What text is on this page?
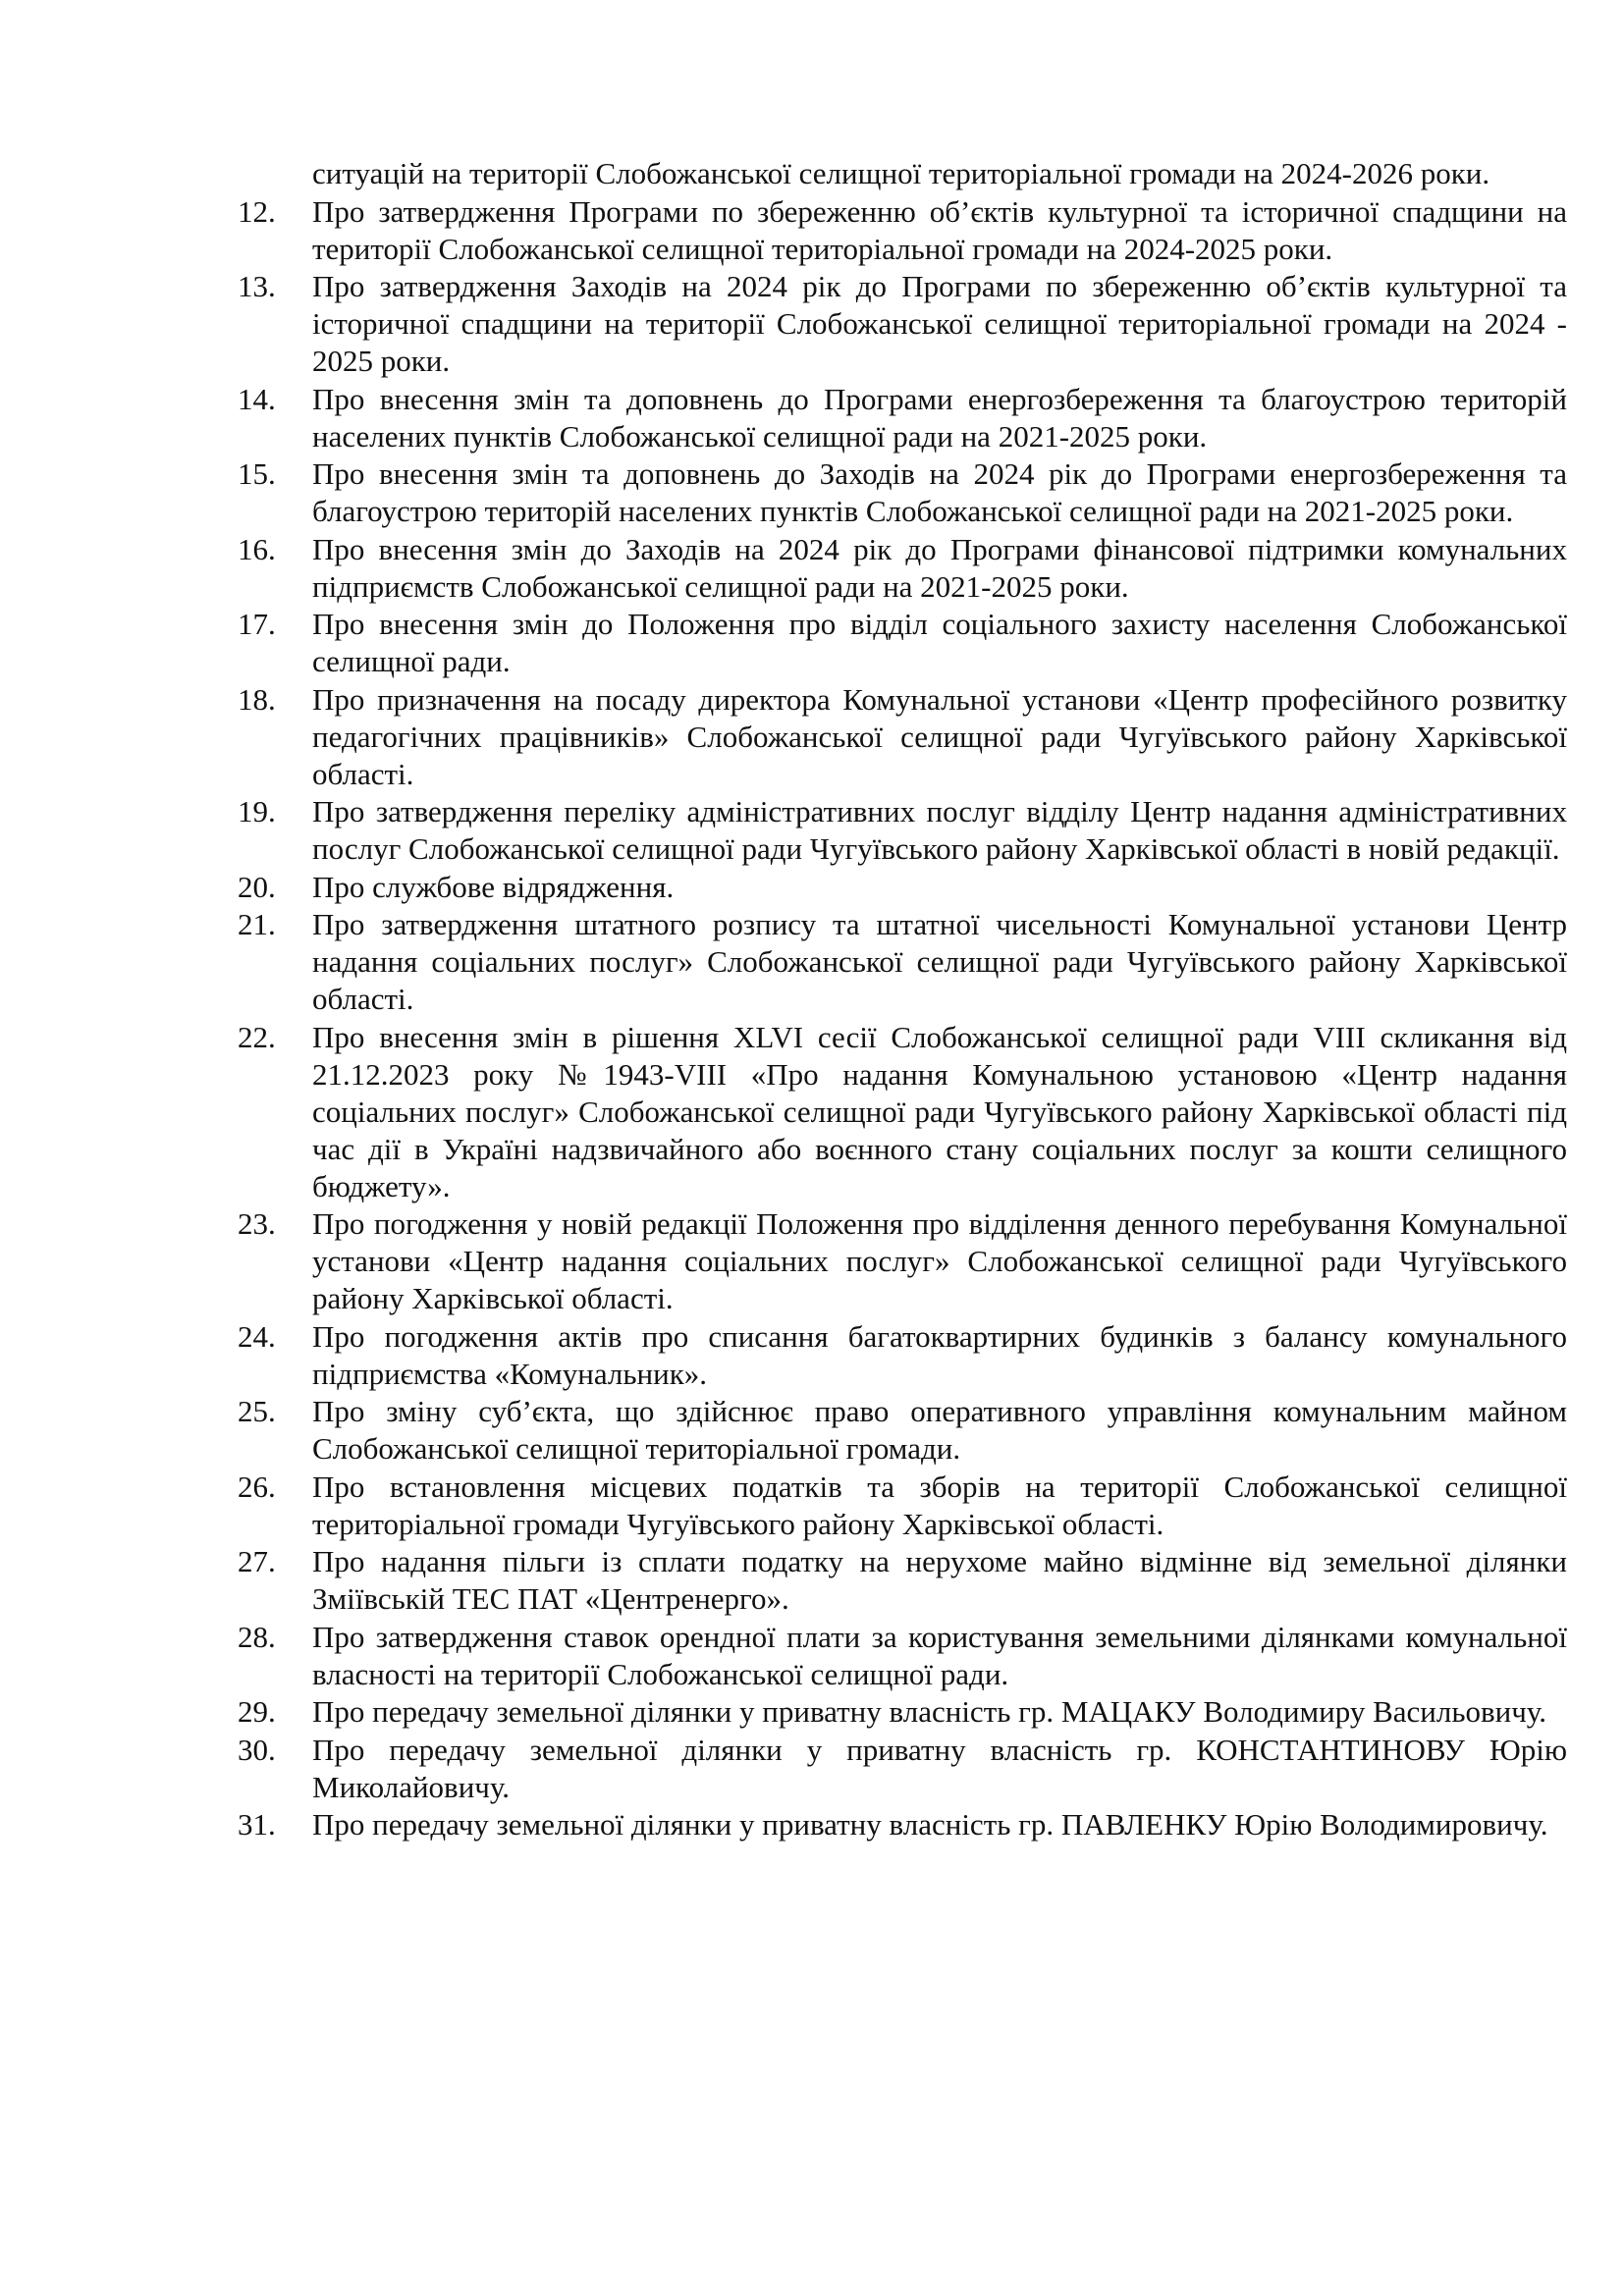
ситуацій на території Слобожанської селищної територіальної громади на 2024-2026 роки.
12.	Про затвердження Програми по збереженню об’єктів культурної та історичної спадщини на території Слобожанської селищної територіальної громади на 2024-2025 роки.
13.	Про затвердження Заходів на 2024 рік до Програми по збереженню об’єктів культурної та історичної спадщини на території Слобожанської селищної територіальної громади на 2024 - 2025 роки.
14.	Про внесення змін та доповнень до Програми енергозбереження та благоустрою територій населених пунктів Слобожанської селищної ради на 2021-2025 роки.
15.	Про внесення змін та доповнень до Заходів на 2024 рік до Програми енергозбереження та благоустрою територій населених пунктів Слобожанської селищної ради на 2021-2025 роки.
16.	Про внесення змін до Заходів на 2024 рік до Програми фінансової підтримки комунальних підприємств Слобожанської селищної ради на 2021-2025 роки.
17.	Про внесення змін до Положення про відділ соціального захисту населення Слобожанської селищної ради.
18.	Про призначення на посаду директора Комунальної установи «Центр професійного розвитку педагогічних працівників» Слобожанської селищної ради Чугуївського району Харківської області.
19.	Про затвердження переліку адміністративних послуг відділу Центр надання адміністративних послуг Слобожанської селищної ради Чугуївського району Харківської області в новій редакції.
20.	Про службове відрядження.
21.	Про затвердження штатного розпису та штатної чисельності Комунальної установи Центр надання соціальних послуг» Слобожанської селищної ради Чугуївського району Харківської області.
22.	Про внесення змін в рішення XLVI сесії Слобожанської селищної ради VIII скликання від 21.12.2023 року №1943-VIII «Про надання Комунальною установою «Центр надання соціальних послуг» Слобожанської селищної ради Чугуївського району Харківської області під час дії в Україні надзвичайного або воєнного стану соціальних послуг за кошти селищного бюджету».
23.	Про погодження у новій редакції Положення про відділення денного перебування Комунальної установи «Центр надання соціальних послуг» Слобожанської селищної ради Чугуївського району Харківської області.
24.	Про погодження актів про списання багатоквартирних будинків з балансу комунального підприємства «Комунальник».
25.	Про зміну суб’єкта, що здійснює право оперативного управління комунальним майном Слобожанської селищної територіальної громади.
26.	Про встановлення місцевих податків та зборів на території Слобожанської селищної територіальної громади Чугуївського району Харківської області.
27.	Про надання пільги із сплати податку на нерухоме майно відмінне від земельної ділянки Зміївській ТЕС ПАТ «Центренерго».
28.	Про затвердження ставок орендної плати за користування земельними ділянками комунальної власності на території Слобожанської селищної ради.
29.	Про передачу земельної ділянки у приватну власність гр. МАЦАКУ Володимиру Васильовичу.
30.	Про передачу земельної ділянки у приватну власність гр. КОНСТАНТИНОВУ Юрію Миколайовичу.
31.	Про передачу земельної ділянки у приватну власність гр. ПАВЛЕНКУ Юрію Володимировичу.
